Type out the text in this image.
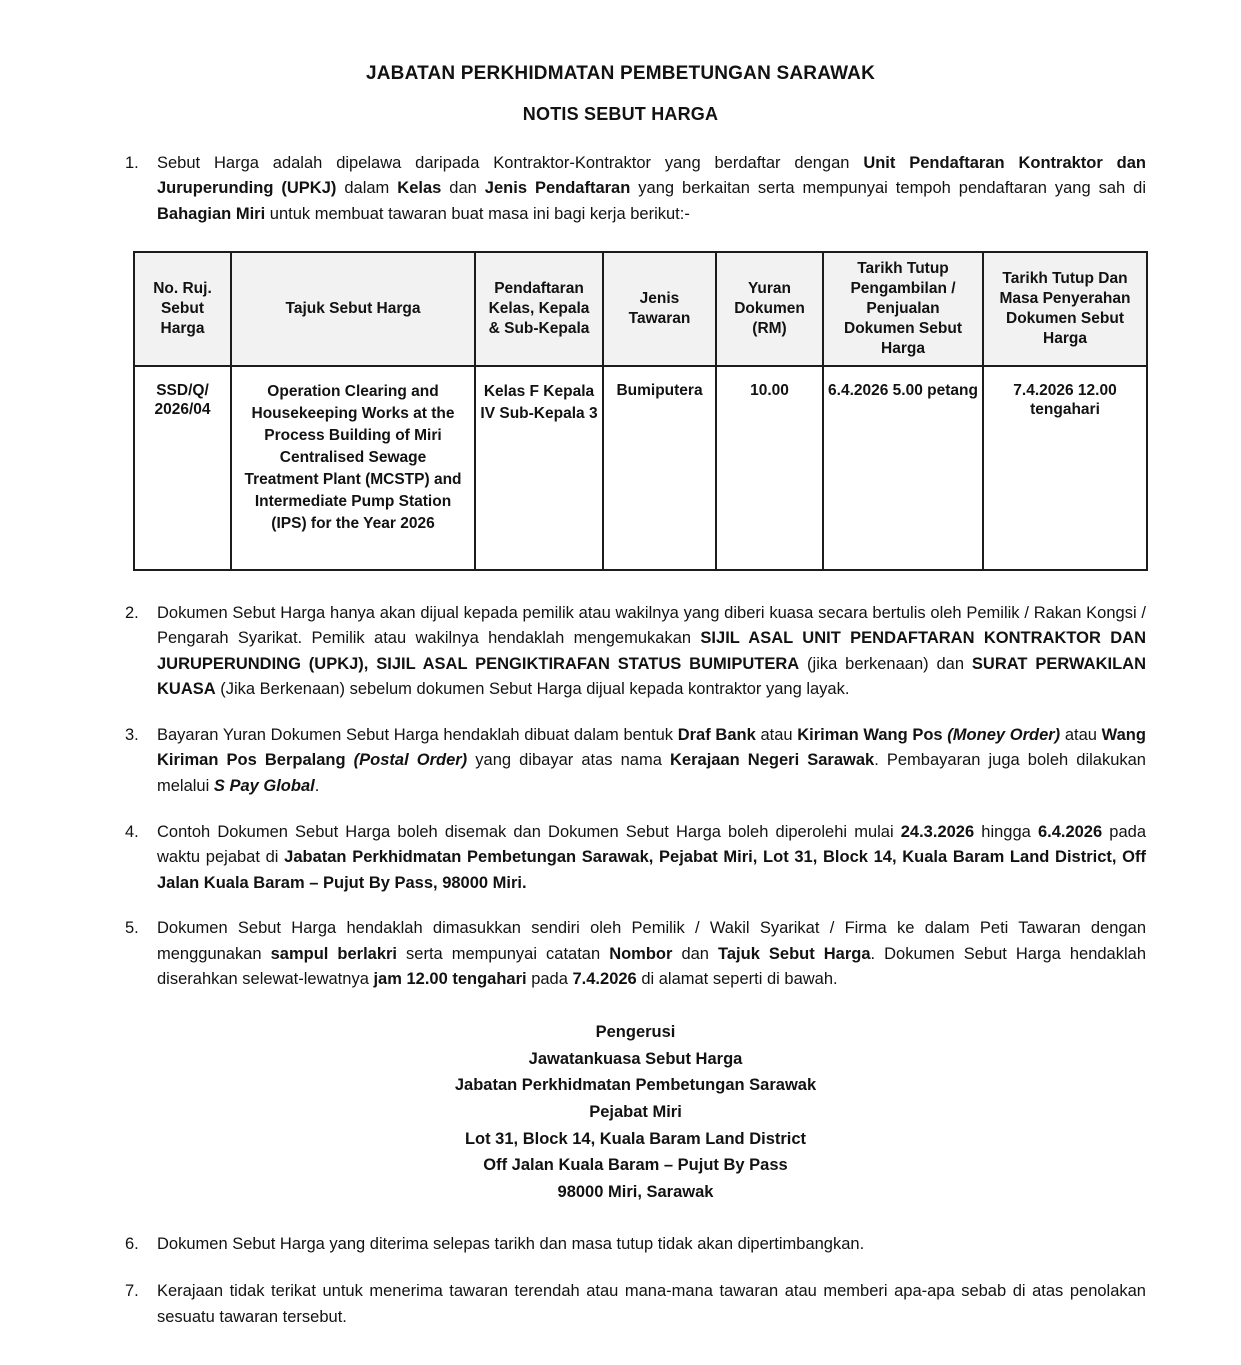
JABATAN PERKHIDMATAN PEMBETUNGAN SARAWAK
NOTIS SEBUT HARGA
1.	Sebut Harga adalah dipelawa daripada Kontraktor-Kontraktor yang berdaftar dengan Unit Pendaftaran Kontraktor dan Juruperunding (UPKJ) dalam Kelas dan Jenis Pendaftaran yang berkaitan serta mempunyai tempoh pendaftaran yang sah di Bahagian Miri untuk membuat tawaran buat masa ini bagi kerja berikut:-
No. Ruj. Sebut Harga	Tajuk Sebut Harga	Pendaftaran Kelas, Kepala & Sub-Kepala	Jenis Tawaran	Yuran Dokumen (RM)	Tarikh Tutup Pengambilan / Penjualan Dokumen Sebut Harga	Tarikh Tutup Dan Masa Penyerahan Dokumen Sebut Harga
SSD/Q/ 2026/04	Operation Clearing and Housekeeping Works at the Process Building of Miri Centralised Sewage Treatment Plant (MCSTP) and Intermediate Pump Station (IPS) for the Year 2026	Kelas F Kepala IV Sub-Kepala 3	Bumiputera	10.00	6.4.2026 5.00 petang	7.4.2026 12.00 tengahari
2.	Dokumen Sebut Harga hanya akan dijual kepada pemilik atau wakilnya yang diberi kuasa secara bertulis oleh Pemilik / Rakan Kongsi / Pengarah Syarikat. Pemilik atau wakilnya hendaklah mengemukakan SIJIL ASAL UNIT PENDAFTARAN KONTRAKTOR DAN JURUPERUNDING (UPKJ), SIJIL ASAL PENGIKTIRAFAN STATUS BUMIPUTERA (jika berkenaan) dan SURAT PERWAKILAN KUASA (Jika Berkenaan) sebelum dokumen Sebut Harga dijual kepada kontraktor yang layak.
3.	Bayaran Yuran Dokumen Sebut Harga hendaklah dibuat dalam bentuk Draf Bank atau Kiriman Wang Pos (Money Order) atau Wang Kiriman Pos Berpalang (Postal Order) yang dibayar atas nama Kerajaan Negeri Sarawak. Pembayaran juga boleh dilakukan melalui S Pay Global.
4.	Contoh Dokumen Sebut Harga boleh disemak dan Dokumen Sebut Harga boleh diperolehi mulai 24.3.2026 hingga 6.4.2026 pada waktu pejabat di Jabatan Perkhidmatan Pembetungan Sarawak, Pejabat Miri, Lot 31, Block 14, Kuala Baram Land District, Off Jalan Kuala Baram – Pujut By Pass, 98000 Miri.
5.	Dokumen Sebut Harga hendaklah dimasukkan sendiri oleh Pemilik / Wakil Syarikat / Firma ke dalam Peti Tawaran dengan menggunakan sampul berlakri serta mempunyai catatan Nombor dan Tajuk Sebut Harga. Dokumen Sebut Harga hendaklah diserahkan selewat-lewatnya jam 12.00 tengahari pada 7.4.2026 di alamat seperti di bawah.
Pengerusi
Jawatankuasa Sebut Harga
Jabatan Perkhidmatan Pembetungan Sarawak
Pejabat Miri
Lot 31, Block 14, Kuala Baram Land District
Off Jalan Kuala Baram – Pujut By Pass
98000 Miri, Sarawak
6.	Dokumen Sebut Harga yang diterima selepas tarikh dan masa tutup tidak akan dipertimbangkan.
7.	Kerajaan tidak terikat untuk menerima tawaran terendah atau mana-mana tawaran atau memberi apa-apa sebab di atas penolakan sesuatu tawaran tersebut.
